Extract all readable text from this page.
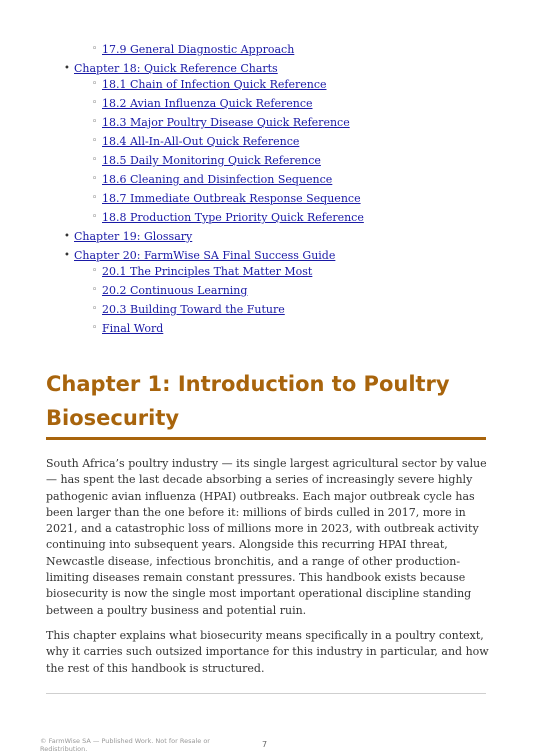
◦ 17.9 General Diagnostic Approach
• Chapter 18: Quick Reference Charts
◦ 18.1 Chain of Infection Quick Reference
◦ 18.2 Avian Influenza Quick Reference
◦ 18.3 Major Poultry Disease Quick Reference
◦ 18.4 All-In-All-Out Quick Reference
◦ 18.5 Daily Monitoring Quick Reference
◦ 18.6 Cleaning and Disinfection Sequence
◦ 18.7 Immediate Outbreak Response Sequence
◦ 18.8 Production Type Priority Quick Reference
• Chapter 19: Glossary
• Chapter 20: FarmWise SA Final Success Guide
◦ 20.1 The Principles That Matter Most
◦ 20.2 Continuous Learning
◦ 20.3 Building Toward the Future
◦ Final Word
Chapter 1: Introduction to Poultry Biosecurity

South Africa’s poultry industry — its single largest agricultural sector by value — has spent the last decade absorbing a series of increasingly severe highly pathogenic avian influenza (HPAI) outbreaks. Each major outbreak cycle has been larger than the one before it: millions of birds culled in 2017, more in 2021, and a catastrophic loss of millions more in 2023, with outbreak activity continuing into subsequent years. Alongside this recurring HPAI threat, Newcastle disease, infectious bronchitis, and a range of other production-limiting diseases remain constant pressures. This handbook exists because biosecurity is now the single most important operational discipline standing between a poultry business and potential ruin.

This chapter explains what biosecurity means specifically in a poultry context, why it carries such outsized importance for this industry in particular, and how the rest of this handbook is structured.

© FarmWise SA — Published Work. Not for Resale or Redistribution.	7
